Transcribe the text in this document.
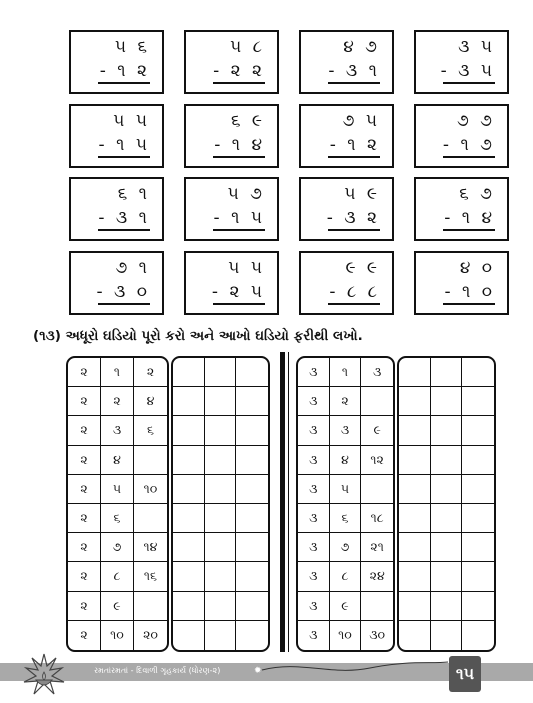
૫ ૬
- ૧ ૨
૫ ૮
- ૨ ૨
૪ ૭
- ૩ ૧
૩ ૫
- ૩ ૫
૫ ૫
- ૧ ૫
૬ ૯
- ૧ ૪
૭ ૫
- ૧ ૨
૭ ૭
- ૧ ૭
૬ ૧
- ૩ ૧
૫ ૭
- ૧ ૫
૫ ૯
- ૩ ૨
૬ ૭
- ૧ ૪
૭ ૧
- ૩ ૦
૫ ૫
- ૨ ૫
૯ ૯
- ૮ ૮
૪ ૦
- ૧ ૦
(૧૩) અધૂરો ઘડિયો પૂરો કરો અને આખો ઘડિયો ફરીથી લખો.
૨	૧	૨
૨	૨	૪
૨	૩	૬
૨	૪
૨	૫	૧૦
૨	૬
૨	૭	૧૪
૨	૮	૧૬
૨	૯
૨	૧૦	૨૦
૩	૧	૩
૩	૨
૩	૩	૯
૩	૪	૧૨
૩	૫
૩	૬	૧૮
૩	૭	૨૧
૩	૮	૨૪
૩	૯
૩	૧૦	૩૦
રમતાંરમતાં - દિવાળી ગૃહકાર્ય (ધોરણ-૨)	✹	૧૫
